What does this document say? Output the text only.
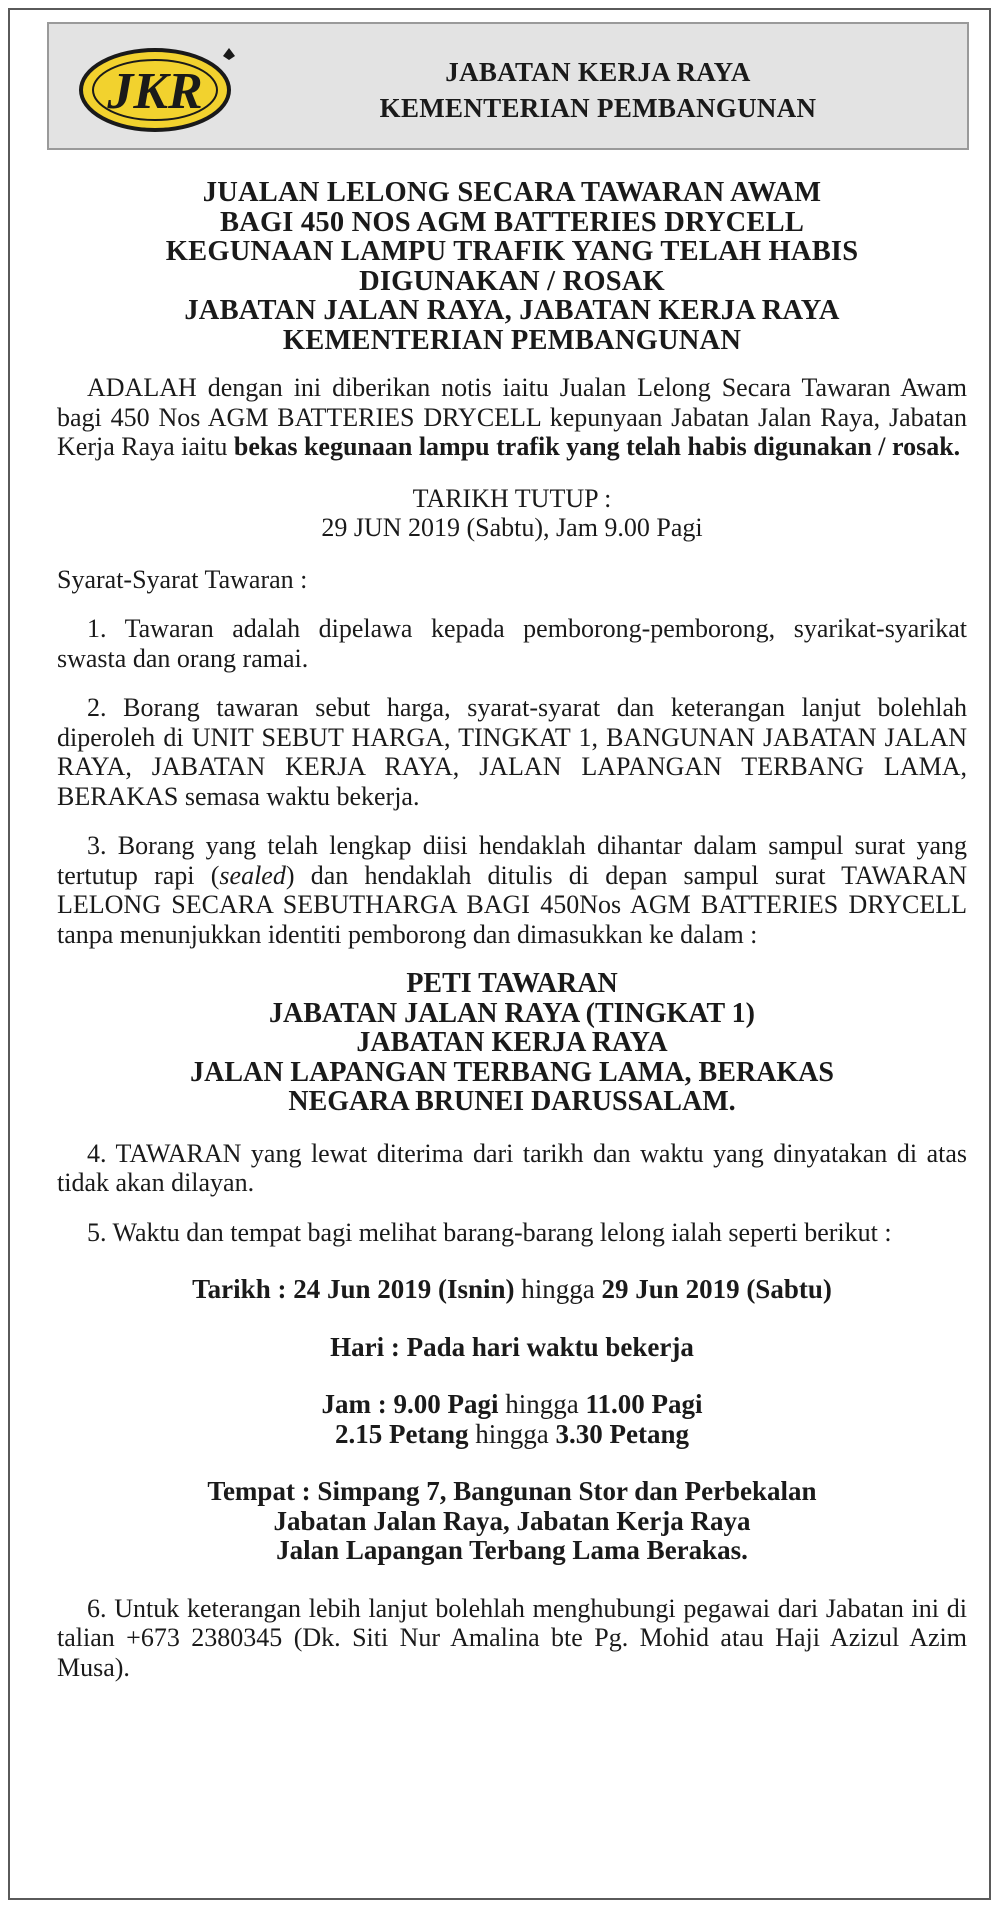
JKR	JABATAN KERJA RAYA
KEMENTERIAN PEMBANGUNAN
JUALAN LELONG SECARA TAWARAN AWAM
BAGI 450 NOS AGM BATTERIES DRYCELL
KEGUNAAN LAMPU TRAFIK YANG TELAH HABIS
DIGUNAKAN / ROSAK
JABATAN JALAN RAYA, JABATAN KERJA RAYA
KEMENTERIAN PEMBANGUNAN

ADALAH dengan ini diberikan notis iaitu Jualan Lelong Secara Tawaran Awam bagi 450 Nos AGM BATTERIES DRYCELL kepunyaan Jabatan Jalan Raya, Jabatan Kerja Raya iaitu bekas kegunaan lampu trafik yang telah habis digunakan / rosak.

TARIKH TUTUP :
29 JUN 2019 (Sabtu), Jam 9.00 Pagi

Syarat-Syarat Tawaran :

1. Tawaran adalah dipelawa kepada pemborong-pemborong, syarikat-syarikat swasta dan orang ramai.

2. Borang tawaran sebut harga, syarat-syarat dan keterangan lanjut bolehlah diperoleh di UNIT SEBUT HARGA, TINGKAT 1, BANGUNAN JABATAN JALAN RAYA, JABATAN KERJA RAYA, JALAN LAPANGAN TERBANG LAMA, BERAKAS semasa waktu bekerja.

3. Borang yang telah lengkap diisi hendaklah dihantar dalam sampul surat yang tertutup rapi (sealed) dan hendaklah ditulis di depan sampul surat TAWARAN LELONG SECARA SEBUTHARGA BAGI 450Nos AGM BATTERIES DRYCELL tanpa menunjukkan identiti pemborong dan dimasukkan ke dalam :

PETI TAWARAN
JABATAN JALAN RAYA (TINGKAT 1)
JABATAN KERJA RAYA
JALAN LAPANGAN TERBANG LAMA, BERAKAS
NEGARA BRUNEI DARUSSALAM.

4. TAWARAN yang lewat diterima dari tarikh dan waktu yang dinyatakan di atas tidak akan dilayan.

5. Waktu dan tempat bagi melihat barang-barang lelong ialah seperti berikut :

Tarikh : 24 Jun 2019 (Isnin) hingga 29 Jun 2019 (Sabtu)
Hari : Pada hari waktu bekerja
Jam : 9.00 Pagi hingga 11.00 Pagi
2.15 Petang hingga 3.30 Petang
Tempat : Simpang 7, Bangunan Stor dan Perbekalan
Jabatan Jalan Raya, Jabatan Kerja Raya
Jalan Lapangan Terbang Lama Berakas.

6. Untuk keterangan lebih lanjut bolehlah menghubungi pegawai dari Jabatan ini di talian +673 2380345 (Dk. Siti Nur Amalina bte Pg. Mohid atau Haji Azizul Azim Musa).
